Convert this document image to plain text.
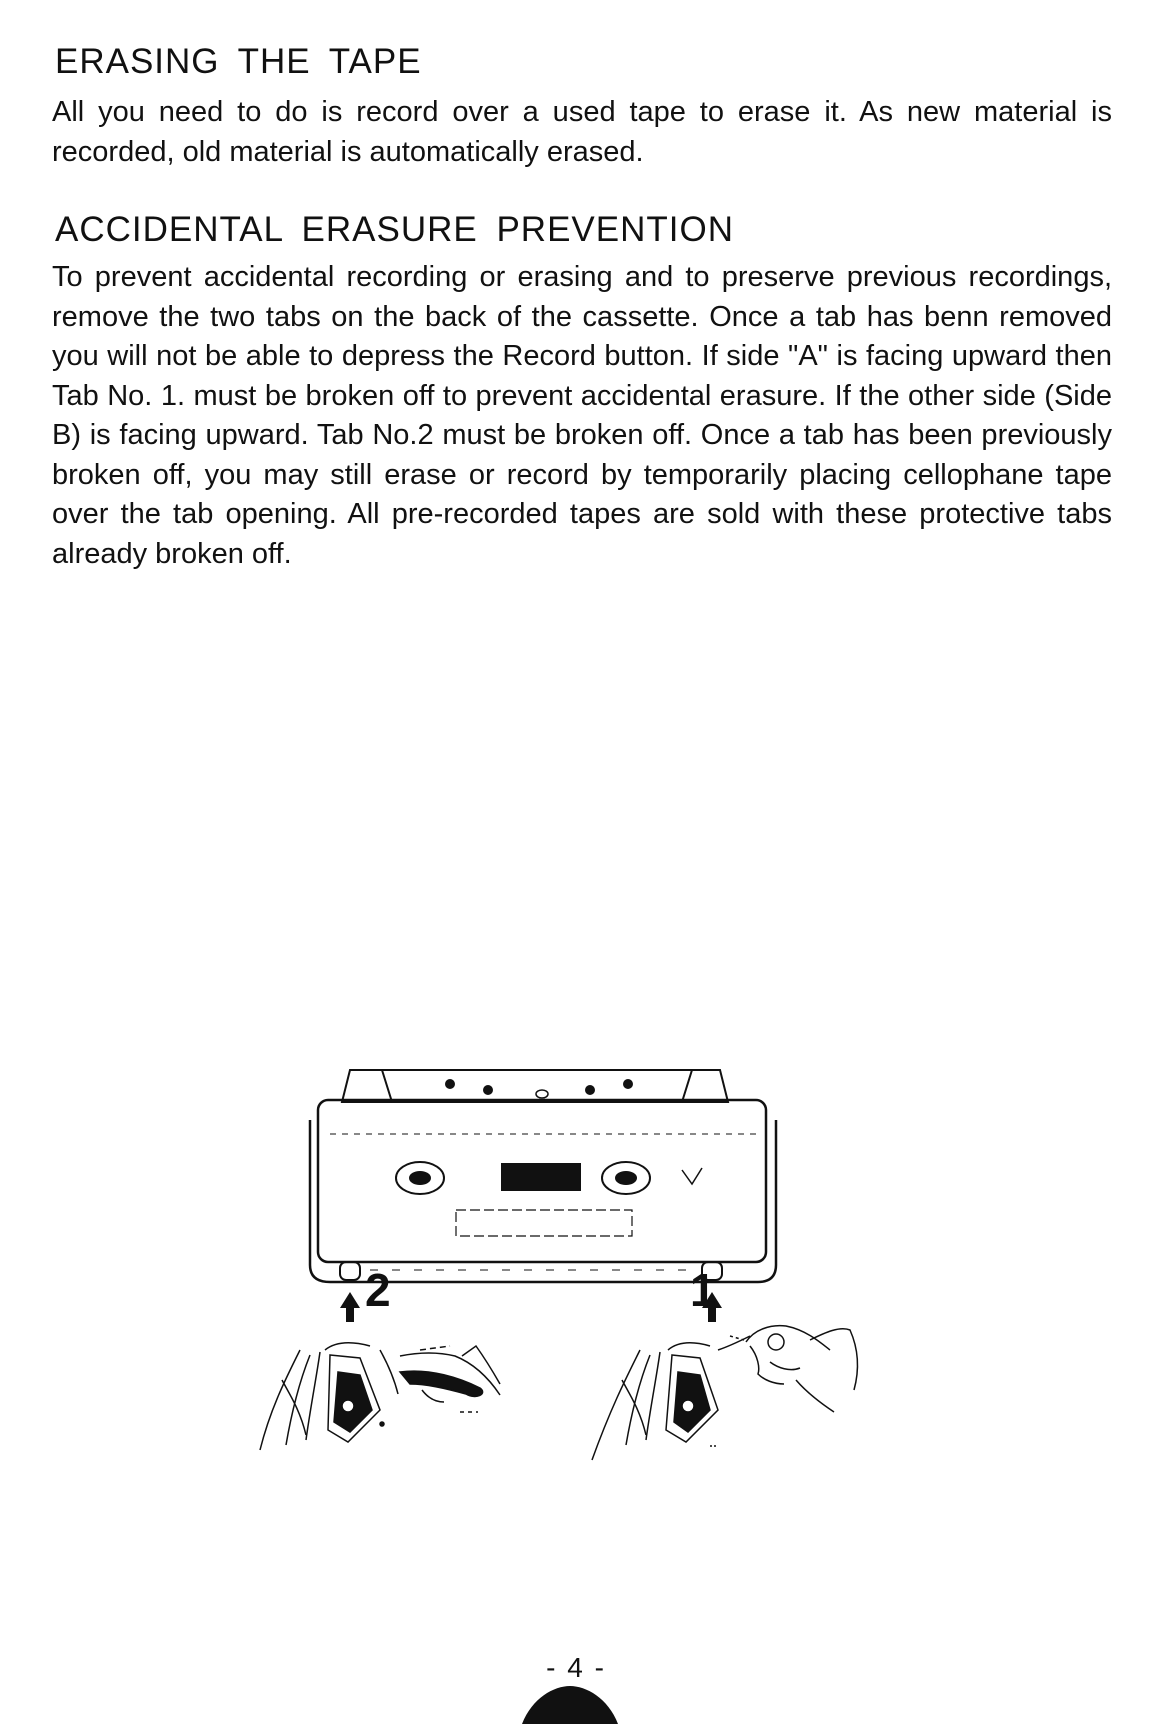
ERASING THE TAPE

All you need to do is record over a used tape to erase it. As new material is recorded, old material is automatically erased.

ACCIDENTAL ERASURE PREVENTION

To prevent accidental recording or erasing and to preserve previous recordings, remove the two tabs on the back of the cassette. Once a tab has benn removed you will not be able to depress the Record button. If side "A" is facing upward then Tab No. 1. must be broken off to prevent accidental erasure. If the other side (Side B) is facing upward. Tab No.2 must be broken off. Once a tab has been previously broken off, you may still erase or record by temporarily placing cellophane tape over the tab opening. All pre-recorded tapes are sold with these protective tabs already broken off.

2	1
- 4 -
